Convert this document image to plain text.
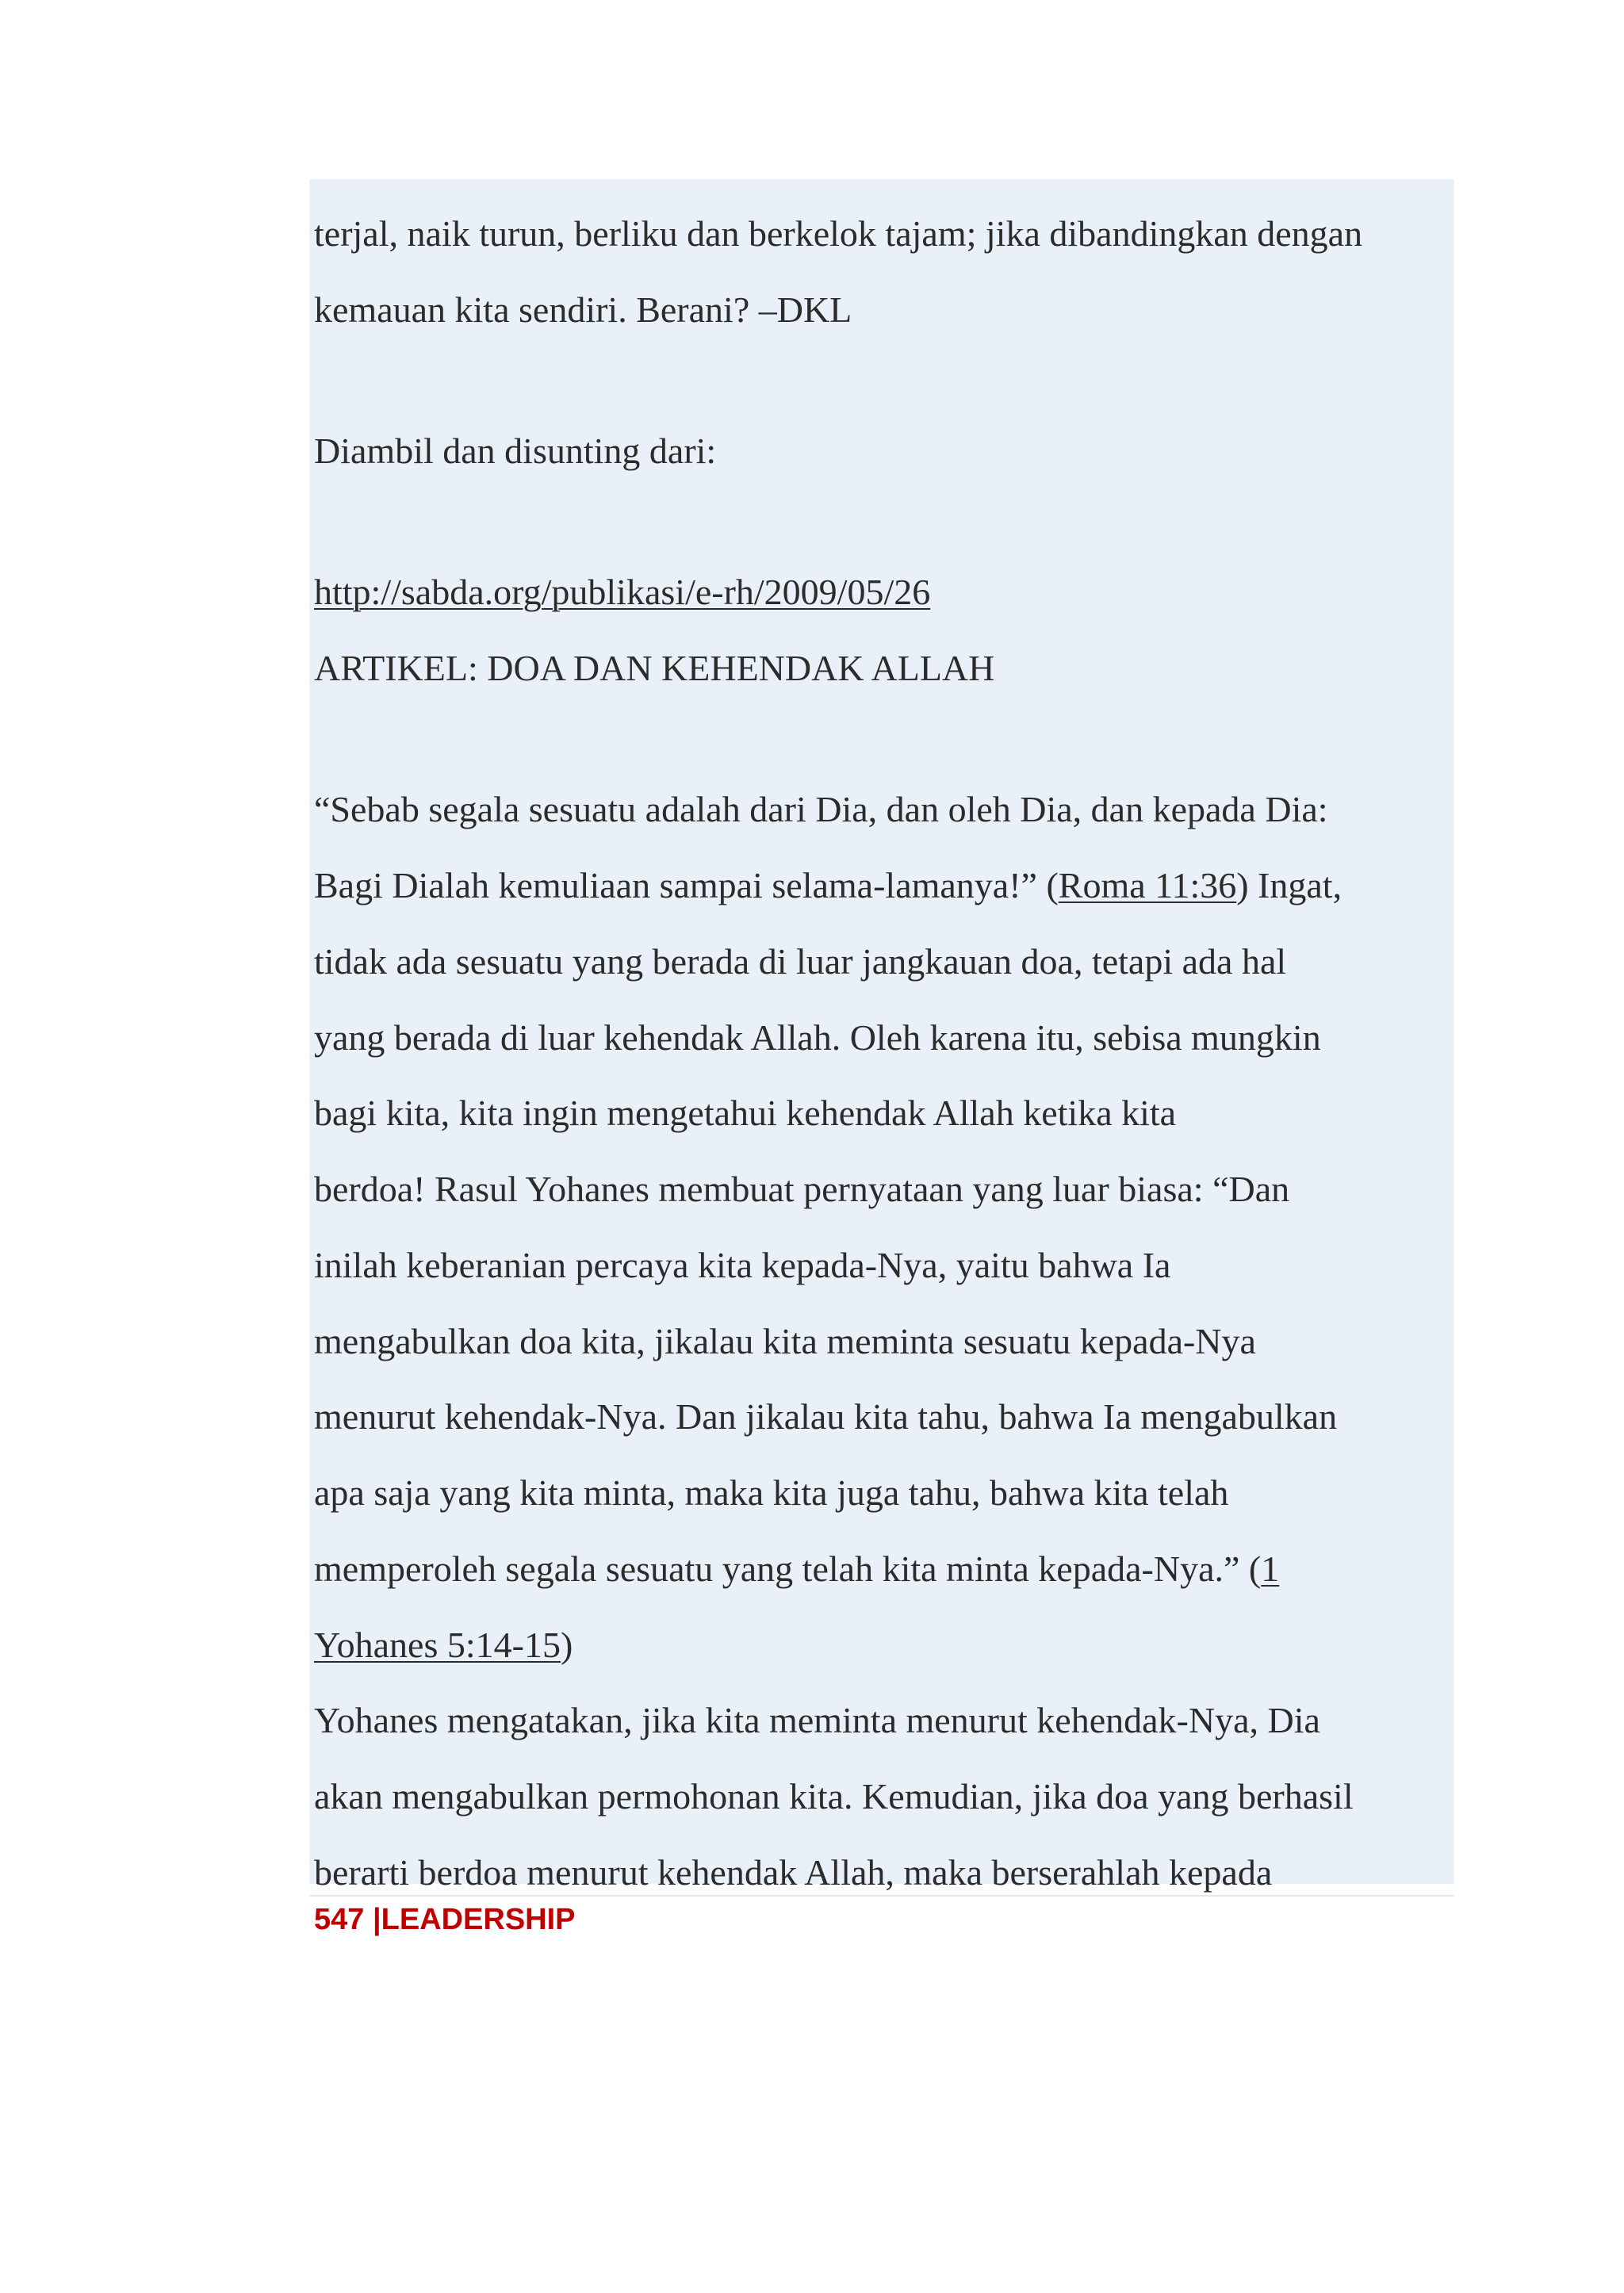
terjal, naik turun, berliku dan berkelok tajam; jika dibandingkan dengan
kemauan kita sendiri. Berani? –DKL
Diambil dan disunting dari:
http://sabda.org/publikasi/e-rh/2009/05/26
ARTIKEL: DOA DAN KEHENDAK ALLAH
“Sebab segala sesuatu adalah dari Dia, dan oleh Dia, dan kepada Dia:
Bagi Dialah kemuliaan sampai selama-lamanya!” (Roma 11:36) Ingat,
tidak ada sesuatu yang berada di luar jangkauan doa, tetapi ada hal
yang berada di luar kehendak Allah. Oleh karena itu, sebisa mungkin
bagi kita, kita ingin mengetahui kehendak Allah ketika kita
berdoa! Rasul Yohanes membuat pernyataan yang luar biasa: “Dan
inilah keberanian percaya kita kepada-Nya, yaitu bahwa Ia
mengabulkan doa kita, jikalau kita meminta sesuatu kepada-Nya
menurut kehendak-Nya. Dan jikalau kita tahu, bahwa Ia mengabulkan
apa saja yang kita minta, maka kita juga tahu, bahwa kita telah
memperoleh segala sesuatu yang telah kita minta kepada-Nya.” (1
Yohanes 5:14-15)
Yohanes mengatakan, jika kita meminta menurut kehendak-Nya, Dia
akan mengabulkan permohonan kita. Kemudian, jika doa yang berhasil
berarti berdoa menurut kehendak Allah, maka berserahlah kepada
547 |LEADERSHIP
